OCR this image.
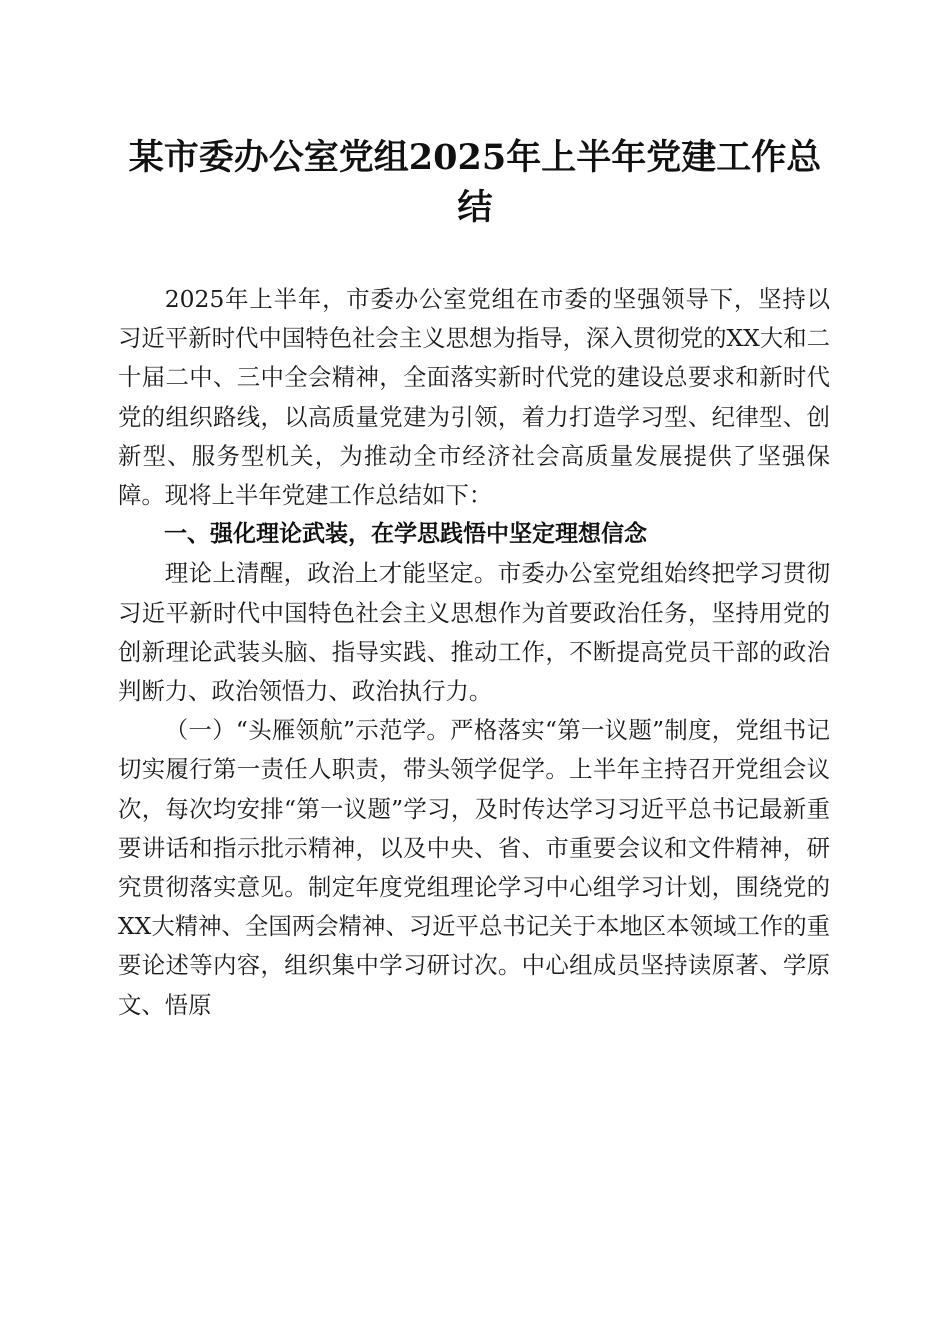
某市委办公室党组2025年上半年党建工作总结

2025年上半年，市委办公室党组在市委的坚强领导下，坚持以习近平新时代中国特色社会主义思想为指导，深入贯彻党的XX大和二十届二中、三中全会精神，全面落实新时代党的建设总要求和新时代党的组织路线，以高质量党建为引领，着力打造学习型、纪律型、创新型、服务型机关，为推动全市经济社会高质量发展提供了坚强保障。现将上半年党建工作总结如下：

一、强化理论武装，在学思践悟中坚定理想信念

理论上清醒，政治上才能坚定。市委办公室党组始终把学习贯彻习近平新时代中国特色社会主义思想作为首要政治任务，坚持用党的创新理论武装头脑、指导实践、推动工作，不断提高党员干部的政治判断力、政治领悟力、政治执行力。

（一）“头雁领航”示范学。严格落实“第一议题”制度，党组书记切实履行第一责任人职责，带头领学促学。上半年主持召开党组会议次，每次均安排“第一议题”学习，及时传达学习习近平总书记最新重要讲话和指示批示精神，以及中央、省、市重要会议和文件精神，研究贯彻落实意见。制定年度党组理论学习中心组学习计划，围绕党的XX大精神、全国两会精神、习近平总书记关于本地区本领域工作的重要论述等内容，组织集中学习研讨次。中心组成员坚持读原著、学原文、悟原
